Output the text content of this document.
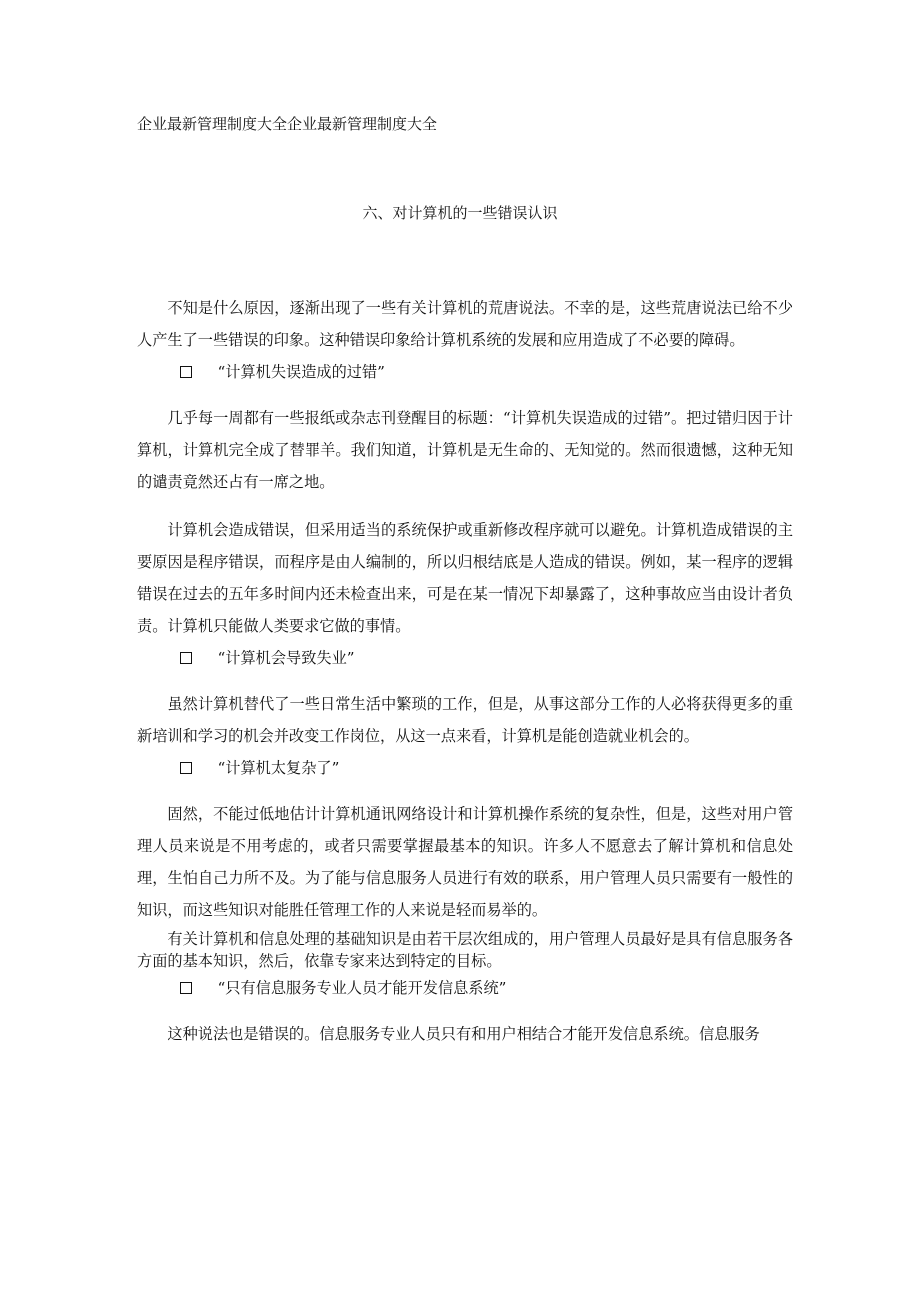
企业最新管理制度大全企业最新管理制度大全
六、对计算机的一些错误认识

不知是什么原因，逐渐出现了一些有关计算机的荒唐说法。不幸的是，这些荒唐说法已给不少人产生了一些错误的印象。这种错误印象给计算机系统的发展和应用造成了不必要的障碍。

“计算机失误造成的过错”

几乎每一周都有一些报纸或杂志刊登醒目的标题：“计算机失误造成的过错”。把过错归因于计算机，计算机完全成了替罪羊。我们知道，计算机是无生命的、无知觉的。然而很遗憾，这种无知的谴责竟然还占有一席之地。

计算机会造成错误，但采用适当的系统保护或重新修改程序就可以避免。计算机造成错误的主要原因是程序错误，而程序是由人编制的，所以归根结底是人造成的错误。例如，某一程序的逻辑错误在过去的五年多时间内还未检查出来，可是在某一情况下却暴露了，这种事故应当由设计者负责。计算机只能做人类要求它做的事情。

“计算机会导致失业”

虽然计算机替代了一些日常生活中繁琐的工作，但是，从事这部分工作的人必将获得更多的重新培训和学习的机会并改变工作岗位，从这一点来看，计算机是能创造就业机会的。

“计算机太复杂了”

固然，不能过低地估计计算机通讯网络设计和计算机操作系统的复杂性，但是，这些对用户管理人员来说是不用考虑的，或者只需要掌握最基本的知识。许多人不愿意去了解计算机和信息处理，生怕自己力所不及。为了能与信息服务人员进行有效的联系，用户管理人员只需要有一般性的知识，而这些知识对能胜任管理工作的人来说是轻而易举的。

有关计算机和信息处理的基础知识是由若干层次组成的，用户管理人员最好是具有信息服务各方面的基本知识，然后，依靠专家来达到特定的目标。

“只有信息服务专业人员才能开发信息系统”

这种说法也是错误的。信息服务专业人员只有和用户相结合才能开发信息系统。信息服务
